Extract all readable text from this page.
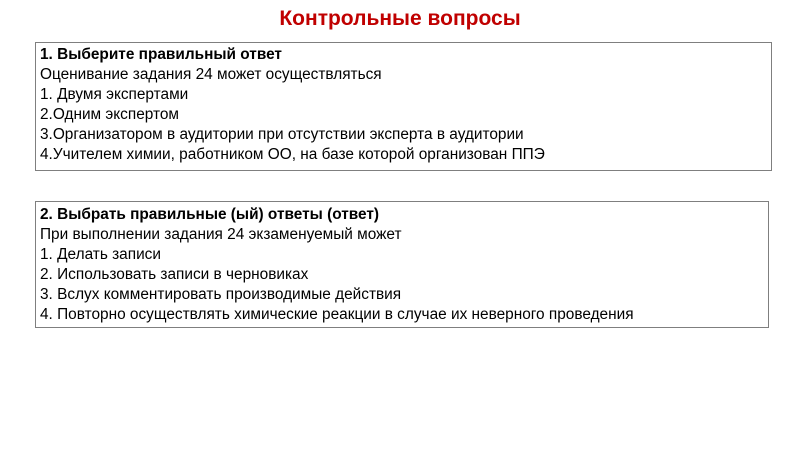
Контрольные вопросы
1. Выберите правильный ответ
Оценивание задания 24 может осуществляться
1. Двумя экспертами
2.Одним экспертом
3.Организатором в аудитории при отсутствии эксперта в аудитории
4.Учителем химии, работником ОО, на базе которой организован ППЭ
2. Выбрать правильные (ый) ответы (ответ)
При выполнении задания 24 экзаменуемый может
1. Делать записи
2. Использовать записи в черновиках
3. Вслух комментировать производимые действия
4. Повторно осуществлять химические реакции в случае их неверного проведения
